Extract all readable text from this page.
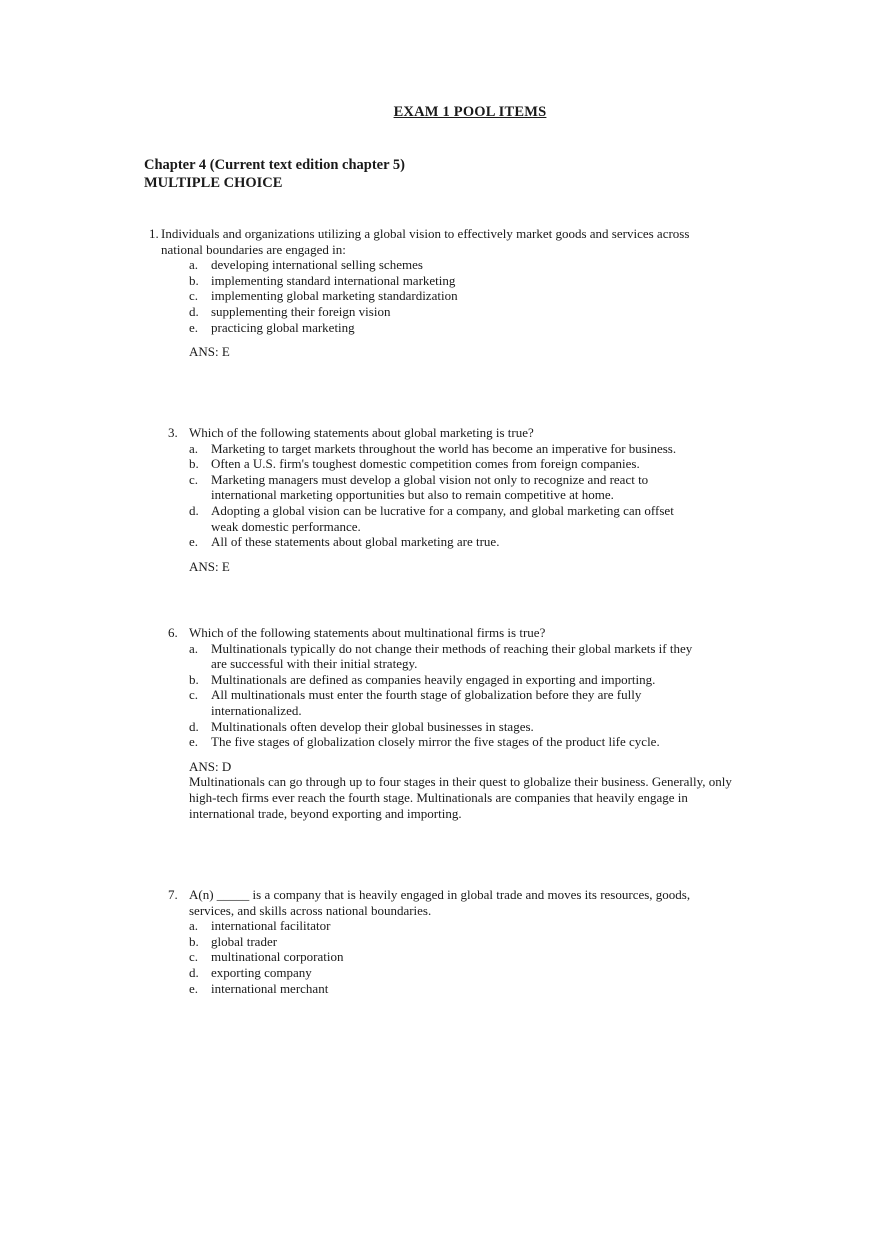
EXAM 1 POOL ITEMS
Chapter 4 (Current text edition chapter 5)
MULTIPLE CHOICE
1. Individuals and organizations utilizing a global vision to effectively market goods and services across national boundaries are engaged in:
a. developing international selling schemes
b. implementing standard international marketing
c. implementing global marketing standardization
d. supplementing their foreign vision
e. practicing global marketing
ANS: E
3. Which of the following statements about global marketing is true?
a. Marketing to target markets throughout the world has become an imperative for business.
b. Often a U.S. firm's toughest domestic competition comes from foreign companies.
c. Marketing managers must develop a global vision not only to recognize and react to international marketing opportunities but also to remain competitive at home.
d. Adopting a global vision can be lucrative for a company, and global marketing can offset weak domestic performance.
e. All of these statements about global marketing are true.
ANS: E
6. Which of the following statements about multinational firms is true?
a. Multinationals typically do not change their methods of reaching their global markets if they are successful with their initial strategy.
b. Multinationals are defined as companies heavily engaged in exporting and importing.
c. All multinationals must enter the fourth stage of globalization before they are fully internationalized.
d. Multinationals often develop their global businesses in stages.
e. The five stages of globalization closely mirror the five stages of the product life cycle.
ANS: D
Multinationals can go through up to four stages in their quest to globalize their business. Generally, only high-tech firms ever reach the fourth stage. Multinationals are companies that heavily engage in international trade, beyond exporting and importing.
7. A(n) _____ is a company that is heavily engaged in global trade and moves its resources, goods, services, and skills across national boundaries.
a. international facilitator
b. global trader
c. multinational corporation
d. exporting company
e. international merchant
